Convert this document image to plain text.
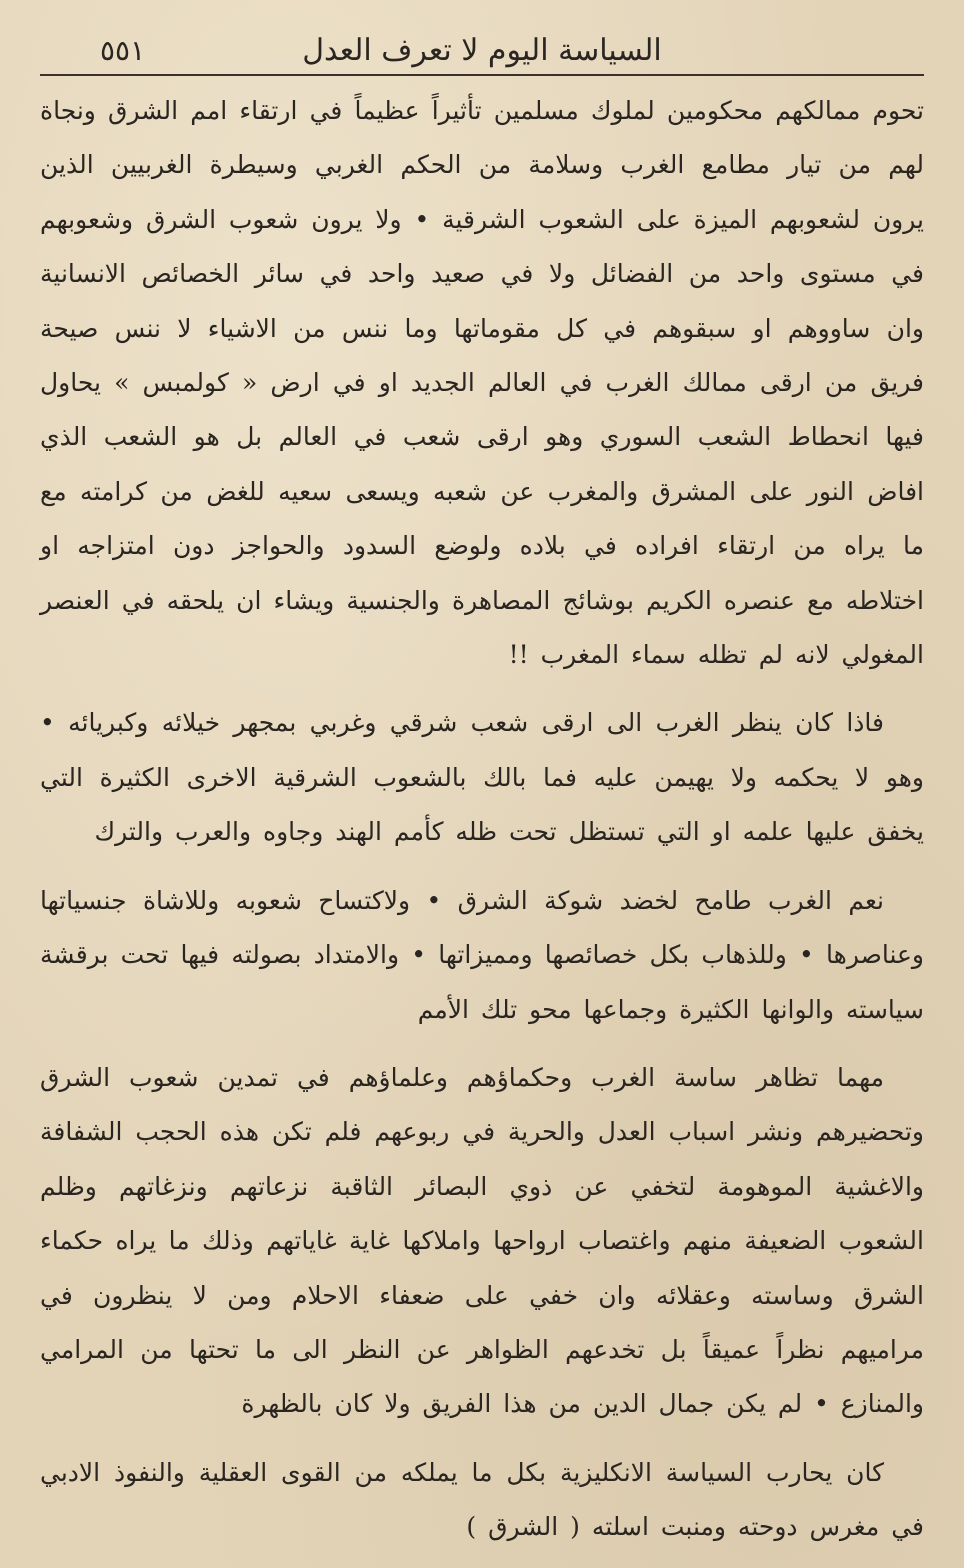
السياسة اليوم لا تعرف العدل
٥٥١

تحوم ممالكهم محكومين لملوك مسلمين تأثيراً عظيماً في ارتقاء امم الشرق ونجاة لهم من تيار مطامع الغرب وسلامة من الحكم الغربي وسيطرة الغربيين الذين يرون لشعوبهم الميزة على الشعوب الشرقية • ولا يرون شعوب الشرق وشعوبهم في مستوى واحد من الفضائل ولا في صعيد واحد في سائر الخصائص الانسانية وان ساووهم او سبقوهم في كل مقوماتها وما ننس من الاشياء لا ننس صيحة فريق من ارقى ممالك الغرب في العالم الجديد او في ارض « كولمبس » يحاول فيها انحطاط الشعب السوري وهو ارقى شعب في العالم بل هو الشعب الذي افاض النور على المشرق والمغرب عن شعبه ويسعى سعيه للغض من كرامته مع ما يراه من ارتقاء افراده في بلاده ولوضع السدود والحواجز دون امتزاجه او اختلاطه مع عنصره الكريم بوشائج المصاهرة والجنسية ويشاء ان يلحقه في العنصر المغولي لانه لم تظله سماء المغرب !!

فاذا كان ينظر الغرب الى ارقى شعب شرقي وغربي بمجهر خيلائه وكبريائه • وهو لا يحكمه ولا يهيمن عليه فما بالك بالشعوب الشرقية الاخرى الكثيرة التي يخفق عليها علمه او التي تستظل تحت ظله كأمم الهند وجاوه والعرب والترك

نعم الغرب طامح لخضد شوكة الشرق • ولاكتساح شعوبه وللاشاة جنسياتها وعناصرها • وللذهاب بكل خصائصها ومميزاتها • والامتداد بصولته فيها تحت برقشة سياسته والوانها الكثيرة وجماعها محو تلك الأمم

مهما تظاهر ساسة الغرب وحكماؤهم وعلماؤهم في تمدين شعوب الشرق وتحضيرهم ونشر اسباب العدل والحرية في ربوعهم فلم تكن هذه الحجب الشفافة والاغشية الموهومة لتخفي عن ذوي البصائر الثاقبة نزعاتهم ونزغاتهم وظلم الشعوب الضعيفة منهم واغتصاب ارواحها واملاكها غاية غاياتهم وذلك ما يراه حكماء الشرق وساسته وعقلائه وان خفي على ضعفاء الاحلام ومن لا ينظرون في مراميهم نظراً عميقاً بل تخدعهم الظواهر عن النظر الى ما تحتها من المرامي والمنازع • لم يكن جمال الدين من هذا الفريق ولا كان بالظهرة

كان يحارب السياسة الانكليزية بكل ما يملكه من القوى العقلية والنفوذ الادبي في مغرس دوحته ومنبت اسلته ( الشرق )
